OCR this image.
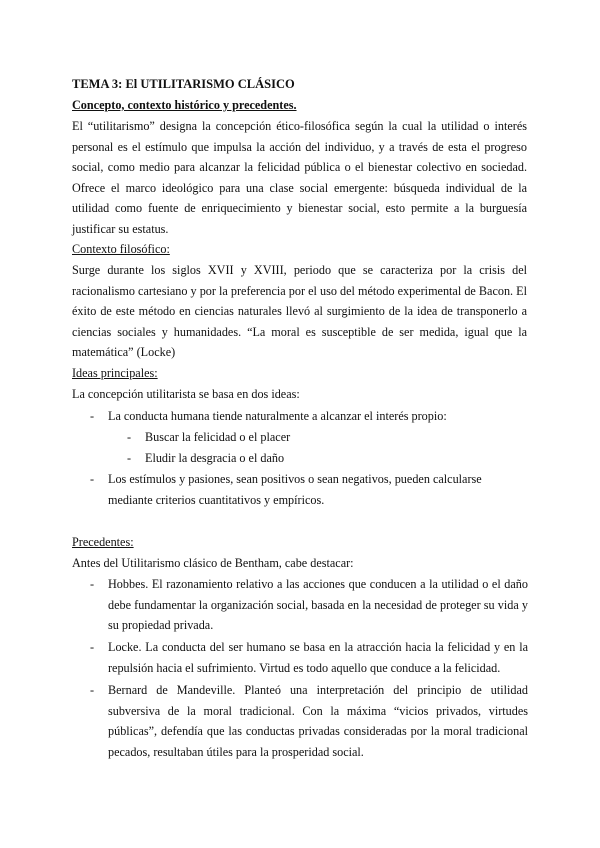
TEMA 3: El UTILITARISMO CLÁSICO

Concepto, contexto histórico y precedentes.

El “utilitarismo” designa la concepción ético-filosófica según la cual la utilidad o interés personal es el estímulo que impulsa la acción del individuo, y a través de esta el progreso social, como medio para alcanzar la felicidad pública o el bienestar colectivo en sociedad. Ofrece el marco ideológico para una clase social emergente: búsqueda individual de la utilidad como fuente de enriquecimiento y bienestar social, esto permite a la burguesía justificar su estatus.

Contexto filosófico:

Surge durante los siglos XVII y XVIII, periodo que se caracteriza por la crisis del racionalismo cartesiano y por la preferencia por el uso del método experimental de Bacon. El éxito de este método en ciencias naturales llevó al surgimiento de la idea de transponerlo a ciencias sociales y humanidades. “La moral es susceptible de ser medida, igual que la matemática” (Locke)

Ideas principales:

La concepción utilitarista se basa en dos ideas:

- La conducta humana tiende naturalmente a alcanzar el interés propio:

- Buscar la felicidad o el placer

- Eludir la desgracia o el daño

- Los estímulos y pasiones, sean positivos o sean negativos, pueden calcularse mediante criterios cuantitativos y empíricos.

Precedentes:

Antes del Utilitarismo clásico de Bentham, cabe destacar:

- Hobbes. El razonamiento relativo a las acciones que conducen a la utilidad o el daño debe fundamentar la organización social, basada en la necesidad de proteger su vida y su propiedad privada.

- Locke. La conducta del ser humano se basa en la atracción hacia la felicidad y en la repulsión hacia el sufrimiento. Virtud es todo aquello que conduce a la felicidad.

- Bernard de Mandeville. Planteó una interpretación del principio de utilidad subversiva de la moral tradicional. Con la máxima “vicios privados, virtudes públicas”, defendía que las conductas privadas consideradas por la moral tradicional pecados, resultaban útiles para la prosperidad social.
